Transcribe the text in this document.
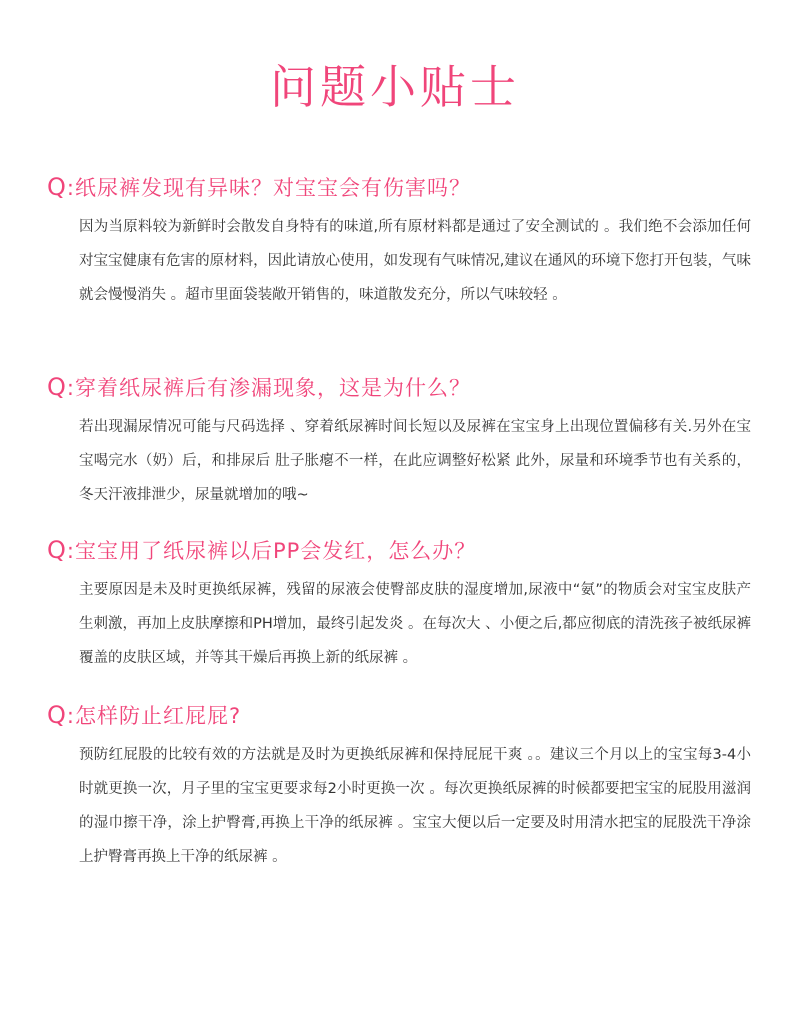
问题小贴士
Q:纸尿裤发现有异味？对宝宝会有伤害吗？

因为当原料较为新鲜时会散发自身特有的味道,所有原材料都是通过了安全测试的 。我们绝不会添加任何对宝宝健康有危害的原材料，因此请放心使用，如发现有气味情况,建议在通风的环境下您打开包装，气味就会慢慢消失 。超市里面袋装敞开销售的，味道散发充分，所以气味较轻 。

Q:穿着纸尿裤后有渗漏现象，这是为什么？

若出现漏尿情况可能与尺码选择 、穿着纸尿裤时间长短以及尿裤在宝宝身上出现位置偏移有关.另外在宝宝喝完水（奶）后，和排尿后 肚子胀瘪不一样，在此应调整好松紧 此外，尿量和环境季节也有关系的，冬天汗液排泄少，尿量就增加的哦~

Q:宝宝用了纸尿裤以后PP会发红，怎么办？

主要原因是未及时更换纸尿裤，残留的尿液会使臀部皮肤的湿度增加,尿液中“氨”的物质会对宝宝皮肤产生刺激，再加上皮肤摩擦和PH增加，最终引起发炎 。在每次大 、小便之后,都应彻底的清洗孩子被纸尿裤覆盖的皮肤区域，并等其干燥后再换上新的纸尿裤 。

Q:怎样防止红屁屁?

预防红屁股的比较有效的方法就是及时为更换纸尿裤和保持屁屁干爽 。。建议三个月以上的宝宝每3-4小时就更换一次，月子里的宝宝更要求每2小时更换一次 。每次更换纸尿裤的时候都要把宝宝的屁股用滋润的湿巾擦干净，涂上护臀膏,再换上干净的纸尿裤 。宝宝大便以后一定要及时用清水把宝的屁股洗干净涂上护臀膏再换上干净的纸尿裤 。
